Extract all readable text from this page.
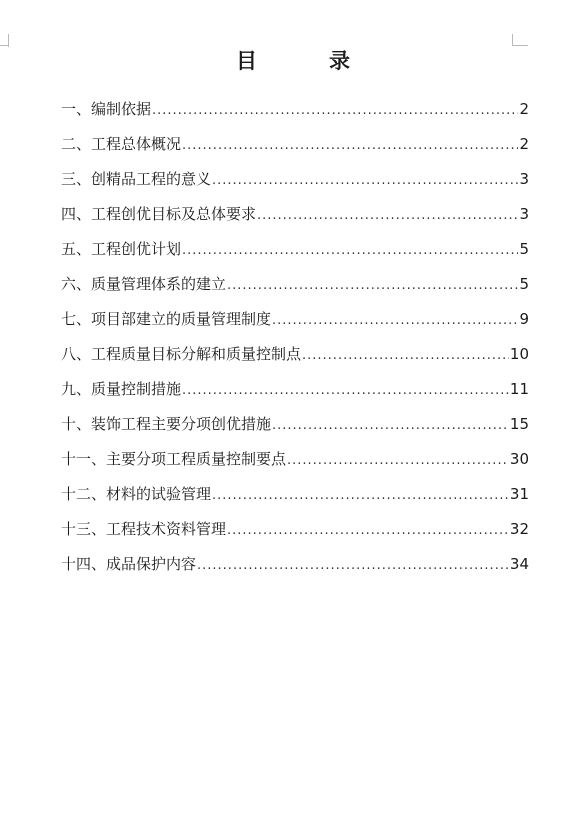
目	录
一、编制依据 .....	2
二、工程总体概况 .....	2
三、创精品工程的意义 .....	3
四、工程创优目标及总体要求 .....	3
五、工程创优计划 .....	5
六、质量管理体系的建立 .....	5
七、项目部建立的质量管理制度 .....	9
八、工程质量目标分解和质量控制点 .....	10
九、质量控制措施 .....	11
十、装饰工程主要分项创优措施 .....	15
十一、主要分项工程质量控制要点 .....	30
十二、材料的试验管理 .....	31
十三、工程技术资料管理 .....	32
十四、成品保护内容 .....	34
